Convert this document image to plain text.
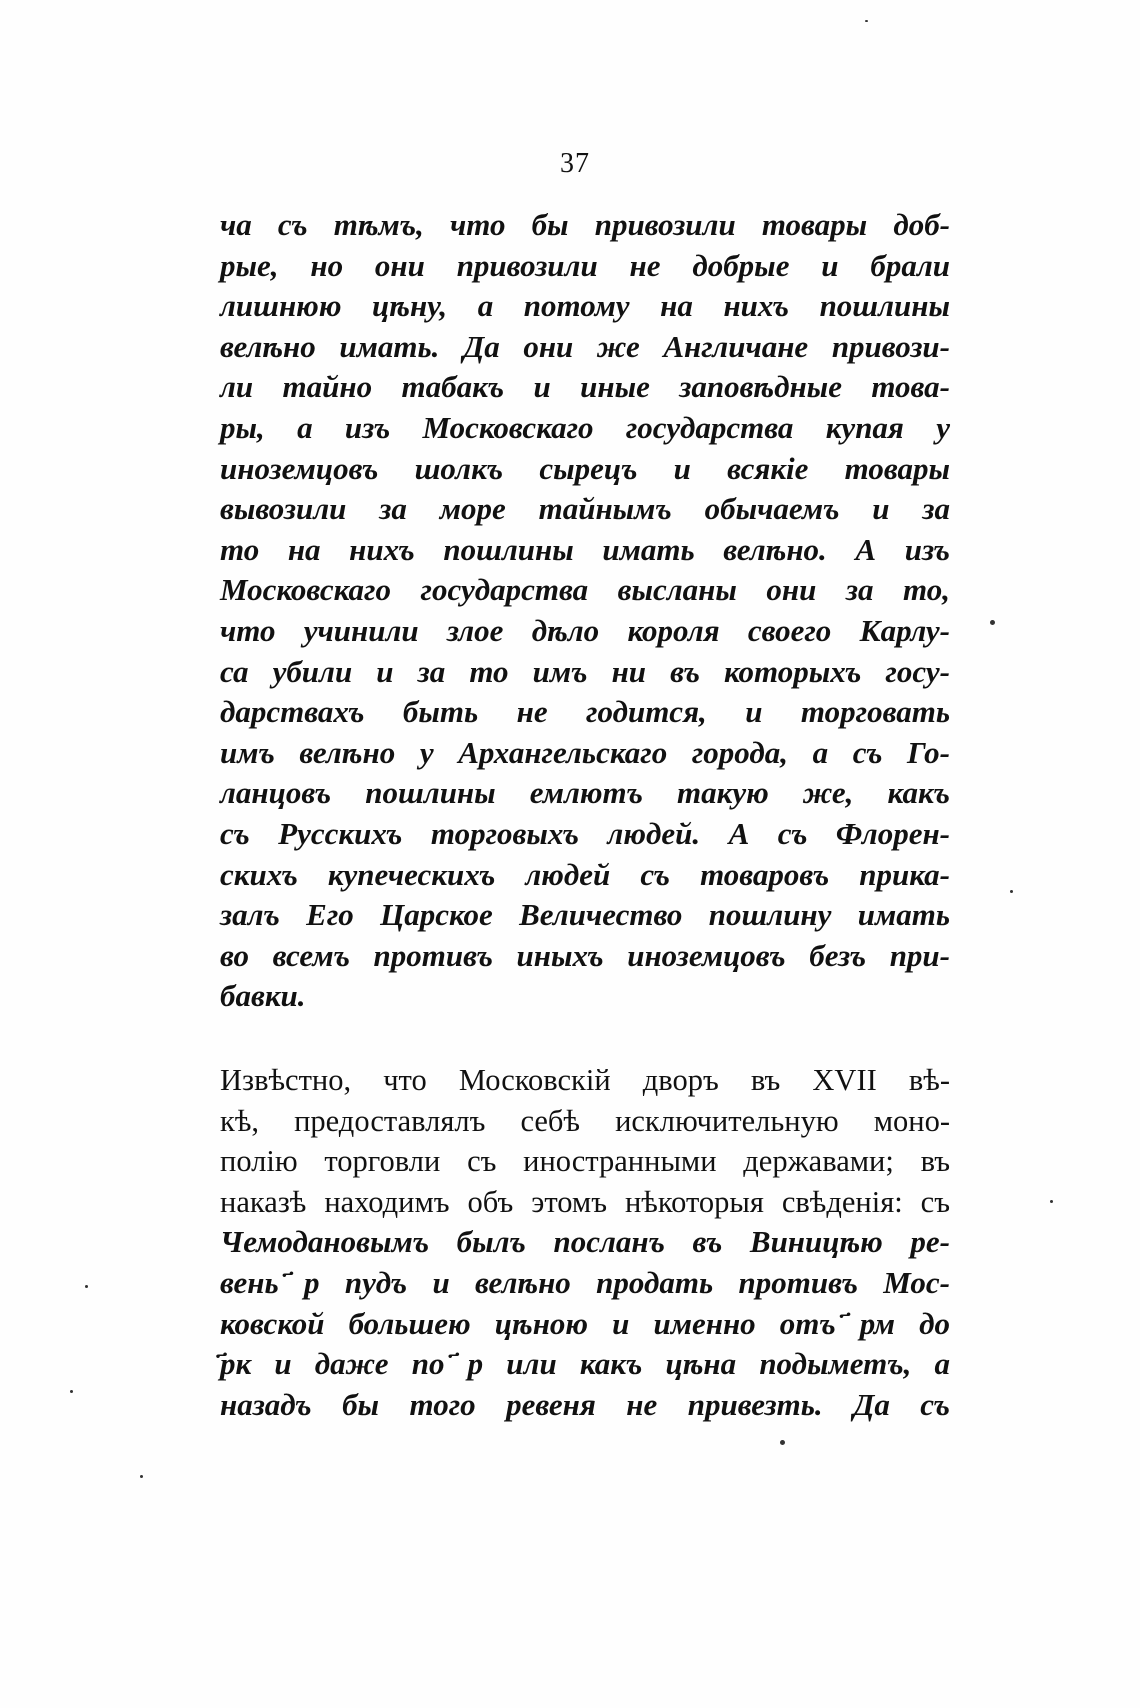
37
ча съ тѣмъ, что бы привозили товары доб-
рые, но они привозили не добрые и брали
лишнюю цѣну, а потому на нихъ пошлины
велѣно имать. Да они же Англичане привози-
ли тайно табакъ и иные заповѣдные това-
ры, а изъ Московскаго государства купая у
иноземцовъ шолкъ сырецъ и всякіе товары
вывозили за море тайнымъ обычаемъ и за
то на нихъ пошлины имать велѣно. А изъ
Московскаго государства высланы они за то,
что учинили злое дѣло короля своего Карлу-
са убили и за то имъ ни въ которыхъ госу-
дарствахъ быть не годится, и торговать
имъ велѣно у Архангельскаго города, а съ Го-
ланцовъ пошлины емлютъ такую же, какъ
съ Русскихъ торговыхъ людей. А съ Флорен-
скихъ купеческихъ людей съ товаровъ прика-
залъ Его Царское Величество пошлину имать
во всемъ противъ иныхъ иноземцовъ безъ при-
бавки.
Извѣстно, что Московскій дворъ въ XVII вѣ-
кѣ, предоставлялъ себѣ исключительную моно-
полію торговли съ иностранными державами; въ
наказѣ находимъ объ этомъ нѣкоторыя свѣденія: съ
Чемодановымъ былъ посланъ въ Виницѣю ре-
вень ҃р пудъ и велѣно продать противъ Мос-
ковской большею цѣною и именно отъ ҃рм до
҃рк и даже по ҃р или какъ цѣна подыметъ, а
назадъ бы того ревеня не привезть. Да съ
